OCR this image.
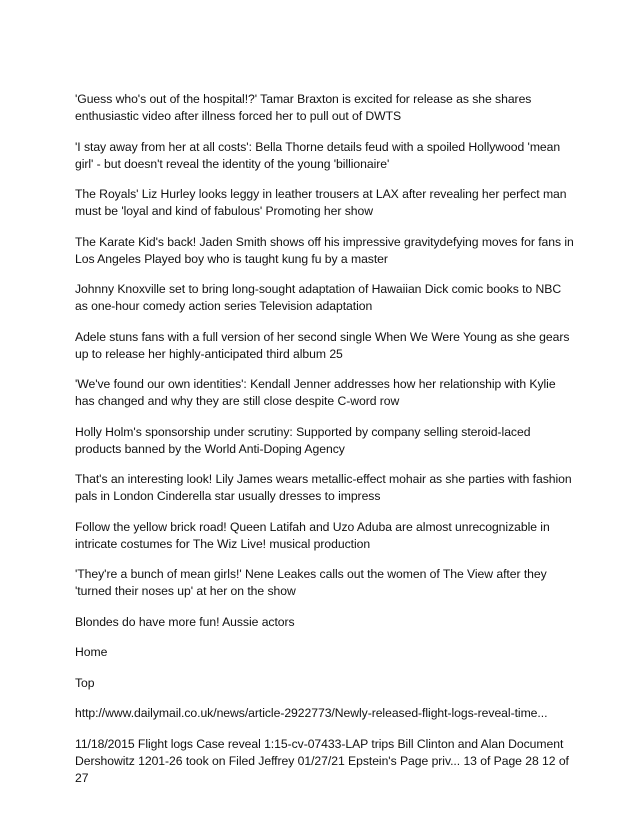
'Guess who's out of the hospital!?' Tamar Braxton is excited for release as she shares enthusiastic video after illness forced her to pull out of DWTS

'I stay away from her at all costs': Bella Thorne details feud with a spoiled Hollywood 'mean girl' - but doesn't reveal the identity of the young 'billionaire'

The Royals' Liz Hurley looks leggy in leather trousers at LAX after revealing her perfect man must be 'loyal and kind of fabulous' Promoting her show

The Karate Kid's back! Jaden Smith shows off his impressive gravitydefying moves for fans in Los Angeles Played boy who is taught kung fu by a master

Johnny Knoxville set to bring long-sought adaptation of Hawaiian Dick comic books to NBC as one-hour comedy action series Television adaptation

Adele stuns fans with a full version of her second single When We Were Young as she gears up to release her highly-anticipated third album 25

'We've found our own identities': Kendall Jenner addresses how her relationship with Kylie has changed and why they are still close despite C-word row

Holly Holm's sponsorship under scrutiny: Supported by company selling steroid-laced products banned by the World Anti-Doping Agency

That's an interesting look! Lily James wears metallic-effect mohair as she parties with fashion pals in London Cinderella star usually dresses to impress

Follow the yellow brick road! Queen Latifah and Uzo Aduba are almost unrecognizable in intricate costumes for The Wiz Live! musical production

'They're a bunch of mean girls!' Nene Leakes calls out the women of The View after they 'turned their noses up' at her on the show

Blondes do have more fun! Aussie actors

Home

Top

http://www.dailymail.co.uk/news/article-2922773/Newly-released-flight-logs-reveal-time...

11/18/2015 Flight logs Case reveal 1:15-cv-07433-LAP trips Bill Clinton and Alan Document Dershowitz 1201-26 took on Filed Jeffrey 01/27/21 Epstein's Page priv... 13 of Page 28 12 of 27
